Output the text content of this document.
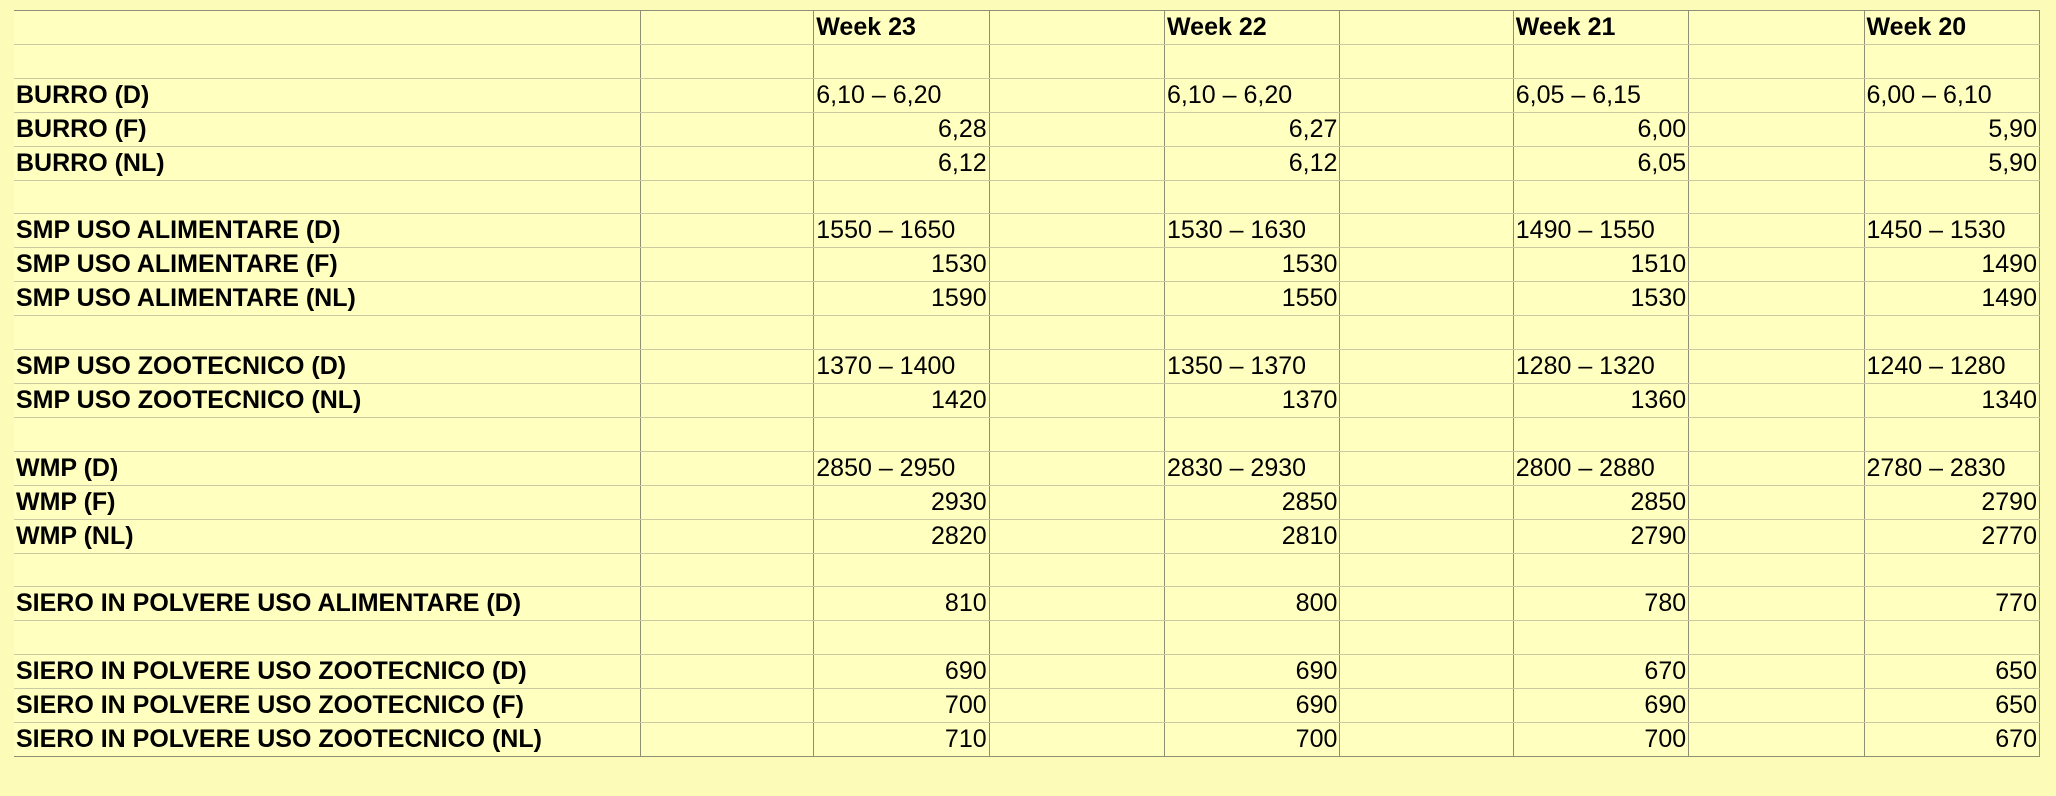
		Week 23		Week 22		Week 21		Week 20

BURRO (D)		6,10 – 6,20		6,10 – 6,20		6,05 – 6,15		6,00 – 6,10
BURRO (F)		6,28		6,27		6,00		5,90
BURRO (NL)		6,12		6,12		6,05		5,90

SMP USO ALIMENTARE (D)		1550 – 1650		1530 – 1630		1490 – 1550		1450 – 1530
SMP USO ALIMENTARE (F)		1530		1530		1510		1490
SMP USO ALIMENTARE (NL)		1590		1550		1530		1490

SMP USO ZOOTECNICO (D)		1370 – 1400		1350 – 1370		1280 – 1320		1240 – 1280
SMP USO ZOOTECNICO (NL)		1420		1370		1360		1340

WMP (D)		2850 – 2950		2830 – 2930		2800 – 2880		2780 – 2830
WMP (F)		2930		2850		2850		2790
WMP (NL)		2820		2810		2790		2770

SIERO IN POLVERE USO ALIMENTARE (D)		810		800		780		770

SIERO IN POLVERE USO ZOOTECNICO (D)		690		690		670		650
SIERO IN POLVERE USO ZOOTECNICO (F)		700		690		690		650
SIERO IN POLVERE USO ZOOTECNICO (NL)		710		700		700		670
